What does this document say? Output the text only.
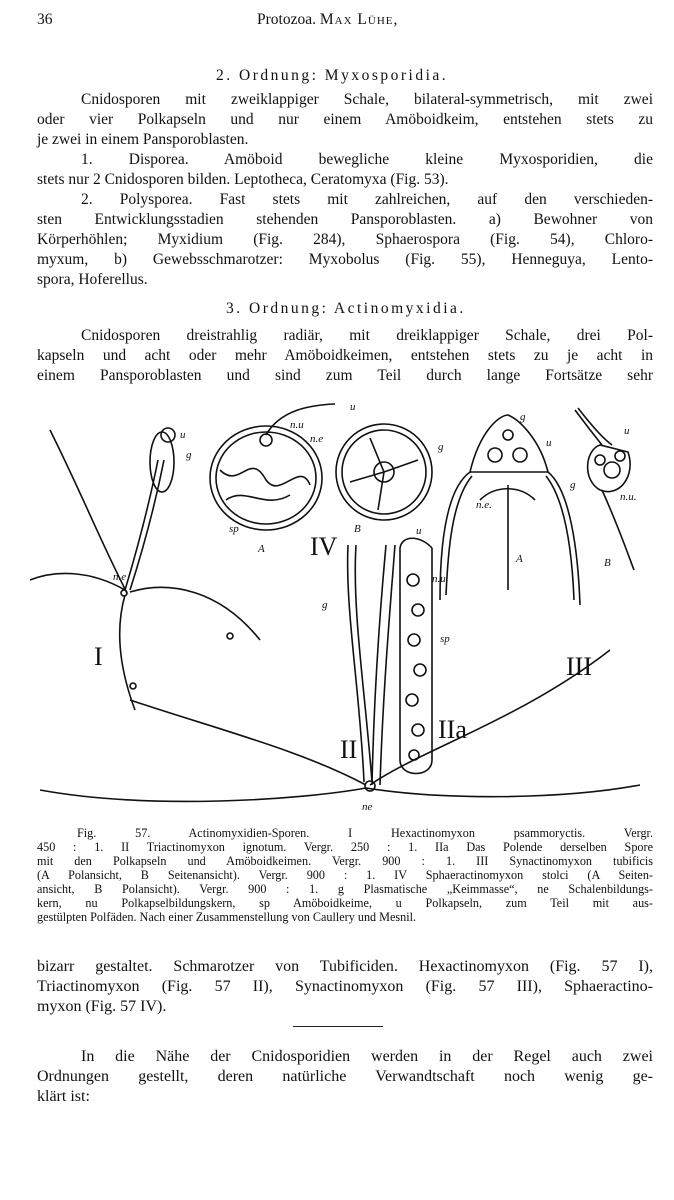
36	Protozoa. Max Lühe,
2. Ordnung: Myxosporidia.
Cnidosporen mit zweiklappiger Schale, bilateral-symmetrisch, mit zwei
oder vier Polkapseln und nur einem Amöboidkeim, entstehen stets zu
je zwei in einem Pansporoblasten.
1. Disporea. Amöboid bewegliche kleine Myxosporidien, die
stets nur 2 Cnidosporen bilden. Leptotheca, Ceratomyxa (Fig. 53).
2. Polysporea. Fast stets mit zahlreichen, auf den verschieden-
sten Entwicklungsstadien stehenden Pansporoblasten. a) Bewohner von
Körperhöhlen; Myxidium (Fig. 284), Sphaerospora (Fig. 54), Chloro-
myxum, b) Gewebsschmarotzer: Myxobolus (Fig. 55), Henneguya, Lento-
spora, Hoferellus.
3. Ordnung: Actinomyxidia.
Cnidosporen dreistrahlig radiär, mit dreiklappiger Schale, drei Pol-
kapseln und acht oder mehr Amöboidkeimen, entstehen stets zu je acht in
einem Pansporoblasten und sind zum Teil durch lange Fortsätze sehr
u
g
n.e
I
n.u
n.e
sp
A
u
g
B
IV
g
u
n.e.
A
u
g
n.u.
B
III
u
n.u
g
sp
IIa
II
ne
Fig. 57. Actinomyxidien-Sporen. I Hexactinomyxon psammoryctis. Vergr.
450 : 1. II Triactinomyxon ignotum. Vergr. 250 : 1. IIa Das Polende derselben Spore
mit den Polkapseln und Amöboidkeimen. Vergr. 900 : 1. III Synactinomyxon tubificis
(A Polansicht, B Seitenansicht). Vergr. 900 : 1. IV Sphaeractinomyxon stolci (A Seiten-
ansicht, B Polansicht). Vergr. 900 : 1. g Plasmatische „Keimmasse“, ne Schalenbildungs-
kern, nu Polkapselbildungskern, sp Amöboidkeime, u Polkapseln, zum Teil mit aus-
gestülpten Polfäden. Nach einer Zusammenstellung von Caullery und Mesnil.
bizarr gestaltet. Schmarotzer von Tubificiden. Hexactinomyxon (Fig. 57 I),
Triactinomyxon (Fig. 57 II), Synactinomyxon (Fig. 57 III), Sphaeractino-
myxon (Fig. 57 IV).
In die Nähe der Cnidosporidien werden in der Regel auch zwei
Ordnungen gestellt, deren natürliche Verwandtschaft noch wenig ge-
klärt ist:
